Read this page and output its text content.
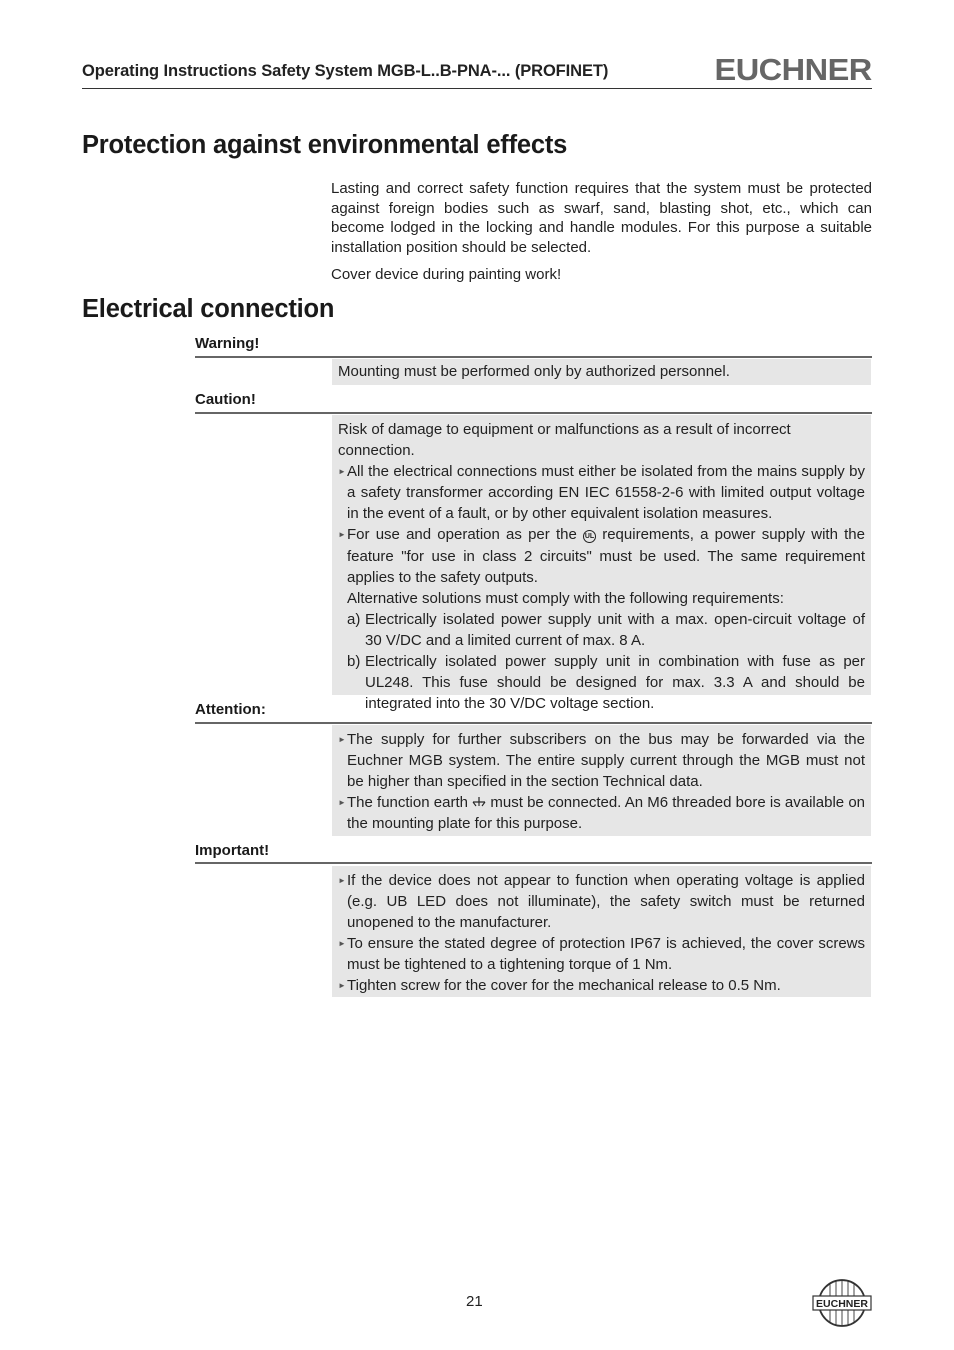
Operating Instructions Safety System MGB-L..B-PNA-... (PROFINET)	EUCHNER
Protection against environmental effects

Lasting and correct safety function requires that the system must be protected against foreign bodies such as swarf, sand, blasting shot, etc., which can become lodged in the locking and handle modules. For this purpose a suitable installation position should be selected.

Cover device during painting work!

Electrical connection
Warning!

Mounting must be performed only by authorized personnel.

Caution!

Risk of damage to equipment or malfunctions as a result of incorrect connection.

► All the electrical connections must either be isolated from the mains supply by a safety transformer according EN IEC 61558-2-6 with limited output voltage in the event of a fault, or by other equivalent isolation measures.
► For use and operation as per the UL requirements, a power supply with the feature "for use in class 2 circuits" must be used. The same requirement applies to the safety outputs.

Alternative solutions must comply with the following requirements:

a) Electrically isolated power supply unit with a max. open-circuit voltage of 30 V/DC and a limited current of max. 8 A.
b) Electrically isolated power supply unit in combination with fuse as per UL248. This fuse should be designed for max. 3.3 A and should be integrated into the 30 V/DC voltage section.
Attention:
► The supply for further subscribers on the bus may be forwarded via the Euchner MGB system. The entire supply current through the MGB must not be higher than specified in the section Technical data.
► The function earth must be connected. An M6 threaded bore is available on the mounting plate for this purpose.
Important!
► If the device does not appear to function when operating voltage is applied (e.g. UB LED does not illuminate), the safety switch must be returned unopened to the manufacturer.
► To ensure the stated degree of protection IP67 is achieved, the cover screws must be tightened to a tightening torque of 1 Nm.
► Tighten screw for the cover for the mechanical release to 0.5 Nm.
21	EUCHNER
